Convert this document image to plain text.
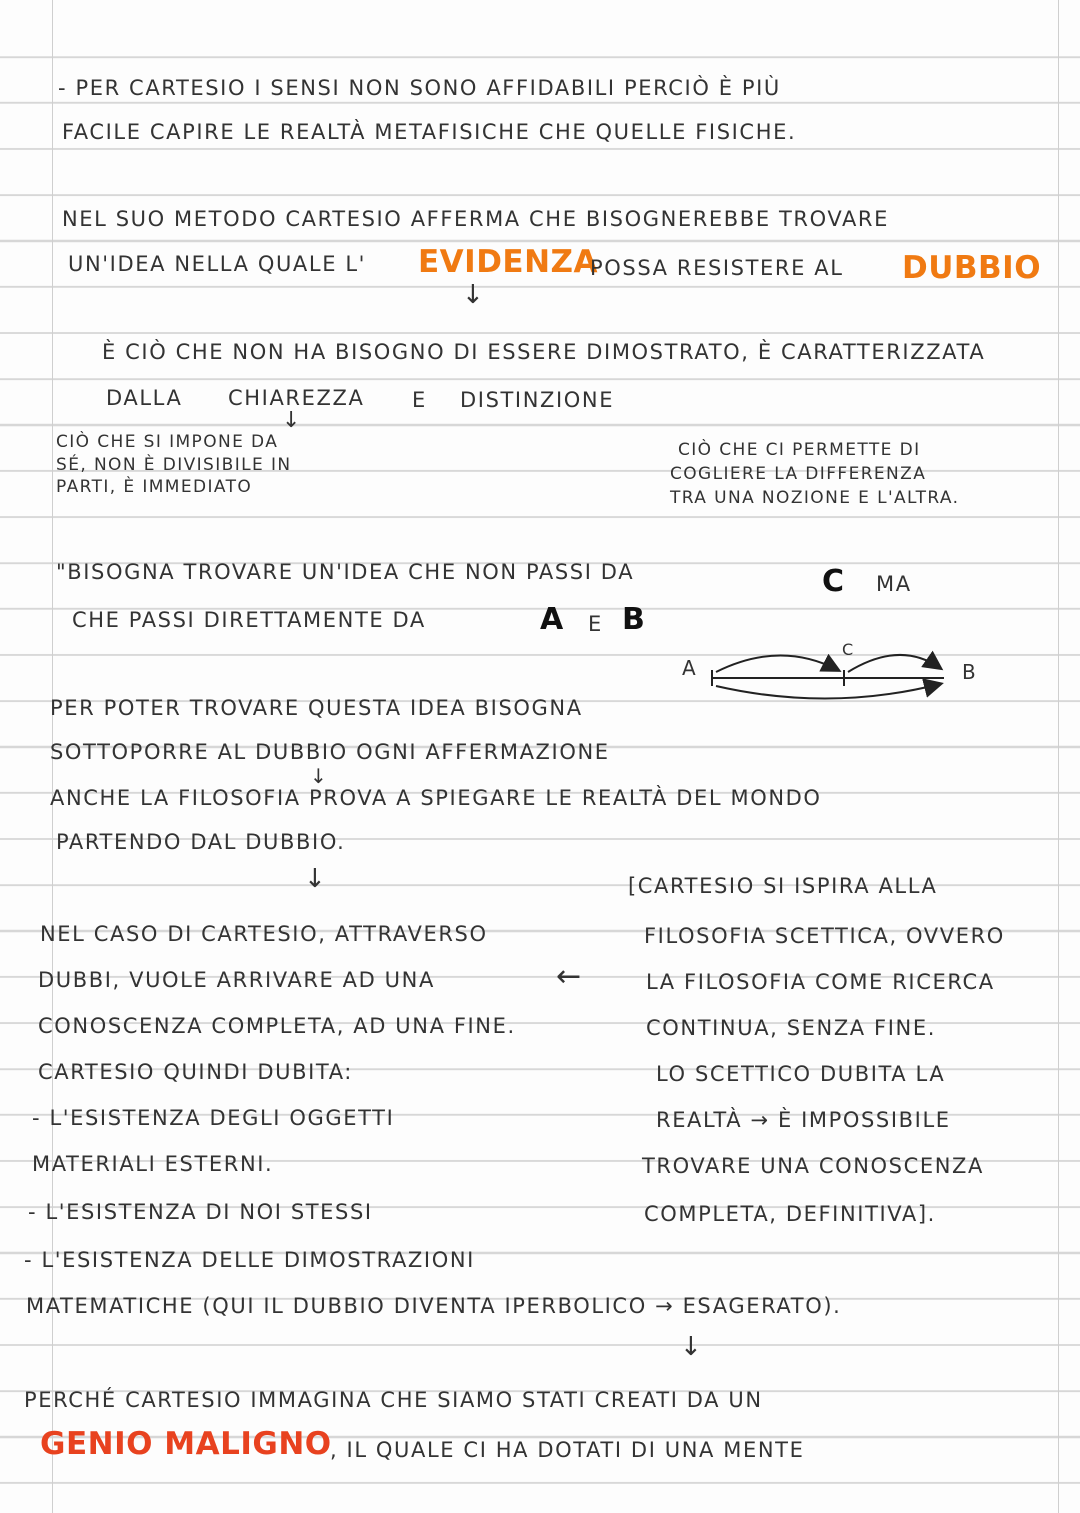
- PER CARTESIO I SENSI NON SONO AFFIDABILI PERCIÒ È PIÙ
FACILE CAPIRE LE REALTÀ METAFISICHE CHE QUELLE FISICHE.
NEL SUO METODO CARTESIO AFFERMA CHE BISOGNEREBBE TROVARE
UN'IDEA NELLA QUALE L' EVIDENZA
POSSA RESISTERE AL DUBBIO
↓
È CIÒ CHE NON HA BISOGNO DI ESSERE DIMOSTRATO, È CARATTERIZZATA
DALLA CHIAREZZA E DISTINZIONE
↓
CIÒ CHE SI IMPONE DA
SÉ, NON È DIVISIBILE IN
PARTI, È IMMEDIATO
CIÒ CHE CI PERMETTE DI
COGLIERE LA DIFFERENZA
TRA UNA NOZIONE E L'ALTRA.
"BISOGNA TROVARE UN'IDEA CHE NON PASSI DA	C MA
CHE PASSI DIRETTAMENTE DA	A E B
A
C
B
PER POTER TROVARE QUESTA IDEA BISOGNA
SOTTOPORRE AL DUBBIO OGNI AFFERMAZIONE
↓
ANCHE LA FILOSOFIA PROVA A SPIEGARE LE REALTÀ DEL MONDO
PARTENDO DAL DUBBIO.
↓
NEL CASO DI CARTESIO, ATTRAVERSO
DUBBI, VUOLE ARRIVARE AD UNA	←
CONOSCENZA COMPLETA, AD UNA FINE.
CARTESIO QUINDI DUBITA:
- L'ESISTENZA DEGLI OGGETTI
MATERIALI ESTERNI.
- L'ESISTENZA DI NOI STESSI
- L'ESISTENZA DELLE DIMOSTRAZIONI
MATEMATICHE (QUI IL DUBBIO DIVENTA IPERBOLICO → ESAGERATO).
↓
[CARTESIO SI ISPIRA ALLA
FILOSOFIA SCETTICA, OVVERO
LA FILOSOFIA COME RICERCA
CONTINUA, SENZA FINE.
LO SCETTICO DUBITA LA
REALTÀ → È IMPOSSIBILE
TROVARE UNA CONOSCENZA
COMPLETA, DEFINITIVA].
PERCHÉ CARTESIO IMMAGINA CHE SIAMO STATI CREATI DA UN
GENIO MALIGNO
, IL QUALE CI HA DOTATI DI UNA MENTE
